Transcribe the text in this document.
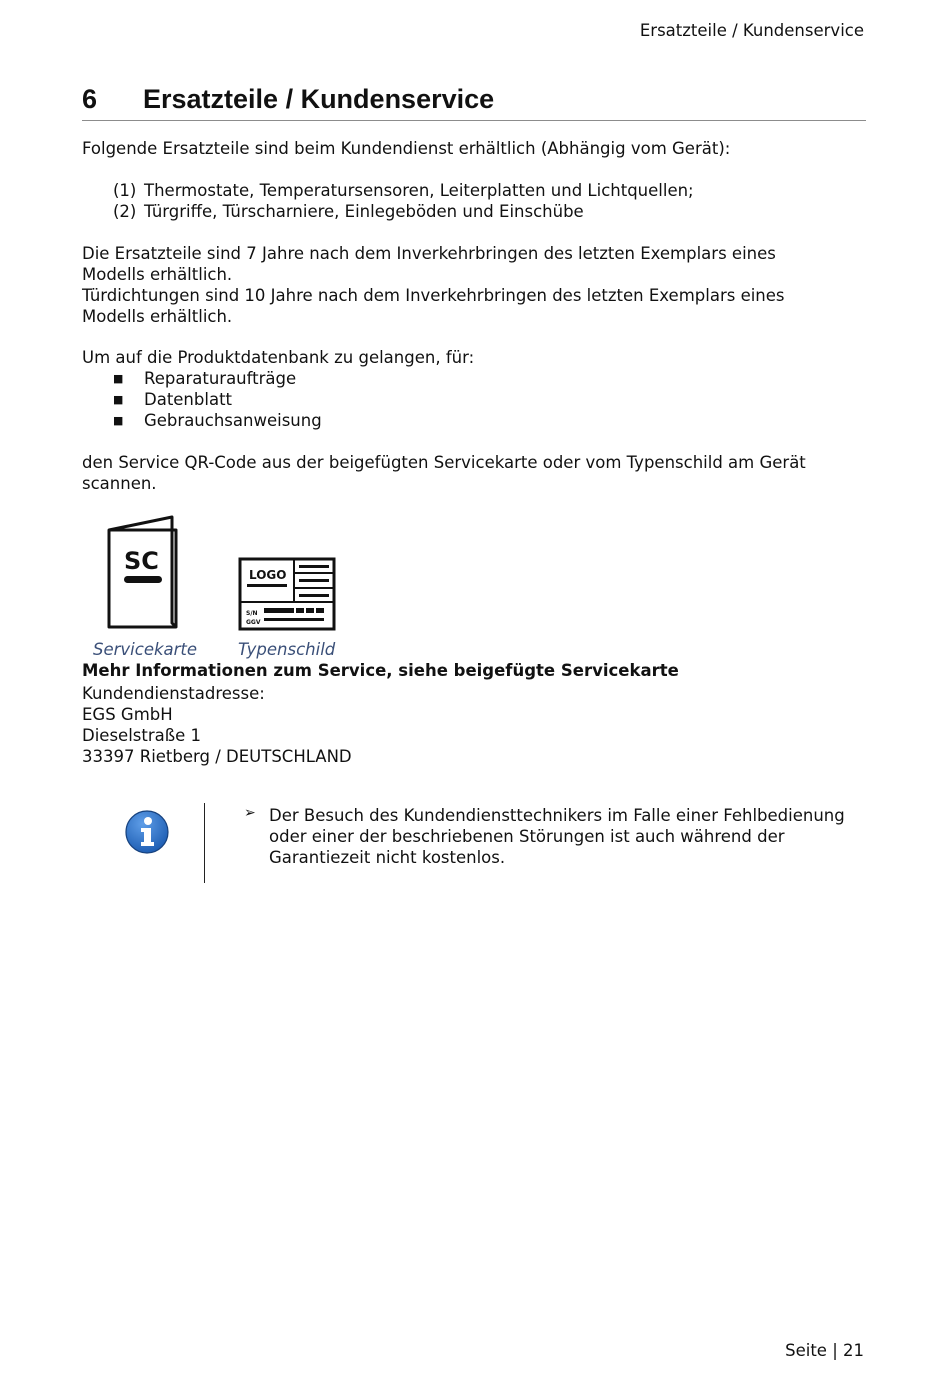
Ersatzteile / Kundenservice
6 Ersatzteile / Kundenservice
Folgende Ersatzteile sind beim Kundendienst erhältlich (Abhängig vom Gerät):
(1) Thermostate, Temperatursensoren, Leiterplatten und Lichtquellen;
(2) Türgriffe, Türscharniere, Einlegeböden und Einschübe
Die Ersatzteile sind 7 Jahre nach dem Inverkehrbringen des letzten Exemplars eines
Modells erhältlich.
Türdichtungen sind 10 Jahre nach dem Inverkehrbringen des letzten Exemplars eines
Modells erhältlich.
Um auf die Produktdatenbank zu gelangen, für:
■	Reparaturaufträge
■	Datenblatt
■	Gebrauchsanweisung
den Service QR-Code aus der beigefügten Servicekarte oder vom Typenschild am Gerät
scannen.
SC	LOGO
S/N
GGV
Servicekarte Typenschild
Mehr Informationen zum Service, siehe beigefügte Servicekarte
Kundendienstadresse:
EGS GmbH
Dieselstraße 1
33397 Rietberg / DEUTSCHLAND
➢ Der Besuch des Kundendiensttechnikers im Falle einer Fehlbedienung
oder einer der beschriebenen Störungen ist auch während der
Garantiezeit nicht kostenlos.
Seite | 21
